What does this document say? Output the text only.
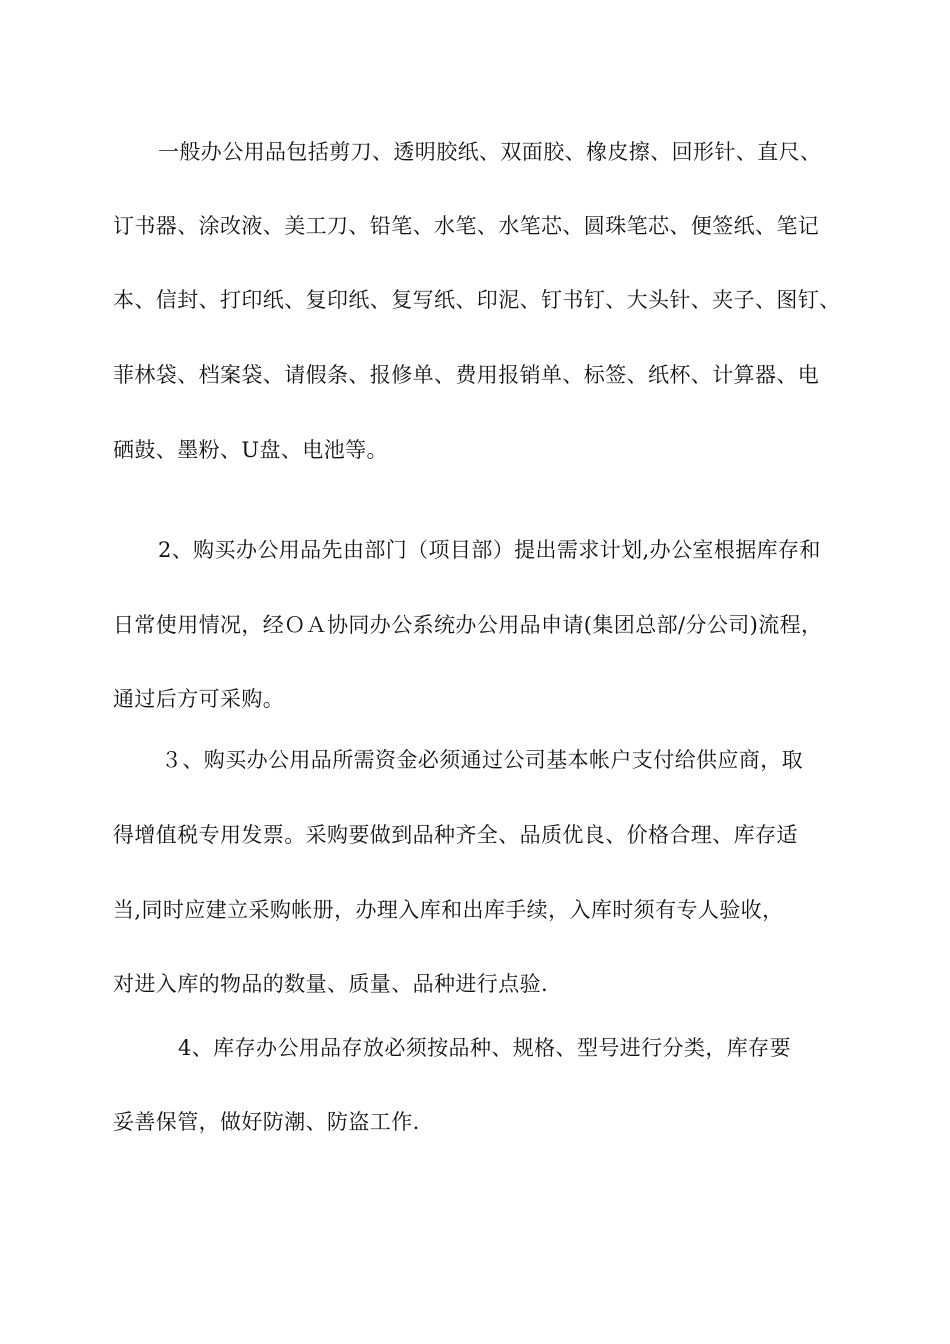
一般办公用品包括剪刀、透明胶纸、双面胶、橡皮擦、回形针、直尺、
订书器、涂改液、美工刀、铅笔、水笔、水笔芯、圆珠笔芯、便签纸、笔记
本、信封、打印纸、复印纸、复写纸、印泥、钉书钉、大头针、夹子、图钉、
菲林袋、档案袋、请假条、报修单、费用报销单、标签、纸杯、计算器、电
硒鼓、墨粉、U盘、电池等。
2、购买办公用品先由部门（项目部）提出需求计划,办公室根据库存和
日常使用情况，经ＯＡ协同办公系统办公用品申请(集团总部/分公司)流程，
通过后方可采购。
３、购买办公用品所需资金必须通过公司基本帐户支付给供应商，取
得增值税专用发票。采购要做到品种齐全、品质优良、价格合理、库存适
当,同时应建立采购帐册，办理入库和出库手续，入库时须有专人验收，
对进入库的物品的数量、质量、品种进行点验.
4、库存办公用品存放必须按品种、规格、型号进行分类，库存要
妥善保管，做好防潮、防盗工作.
